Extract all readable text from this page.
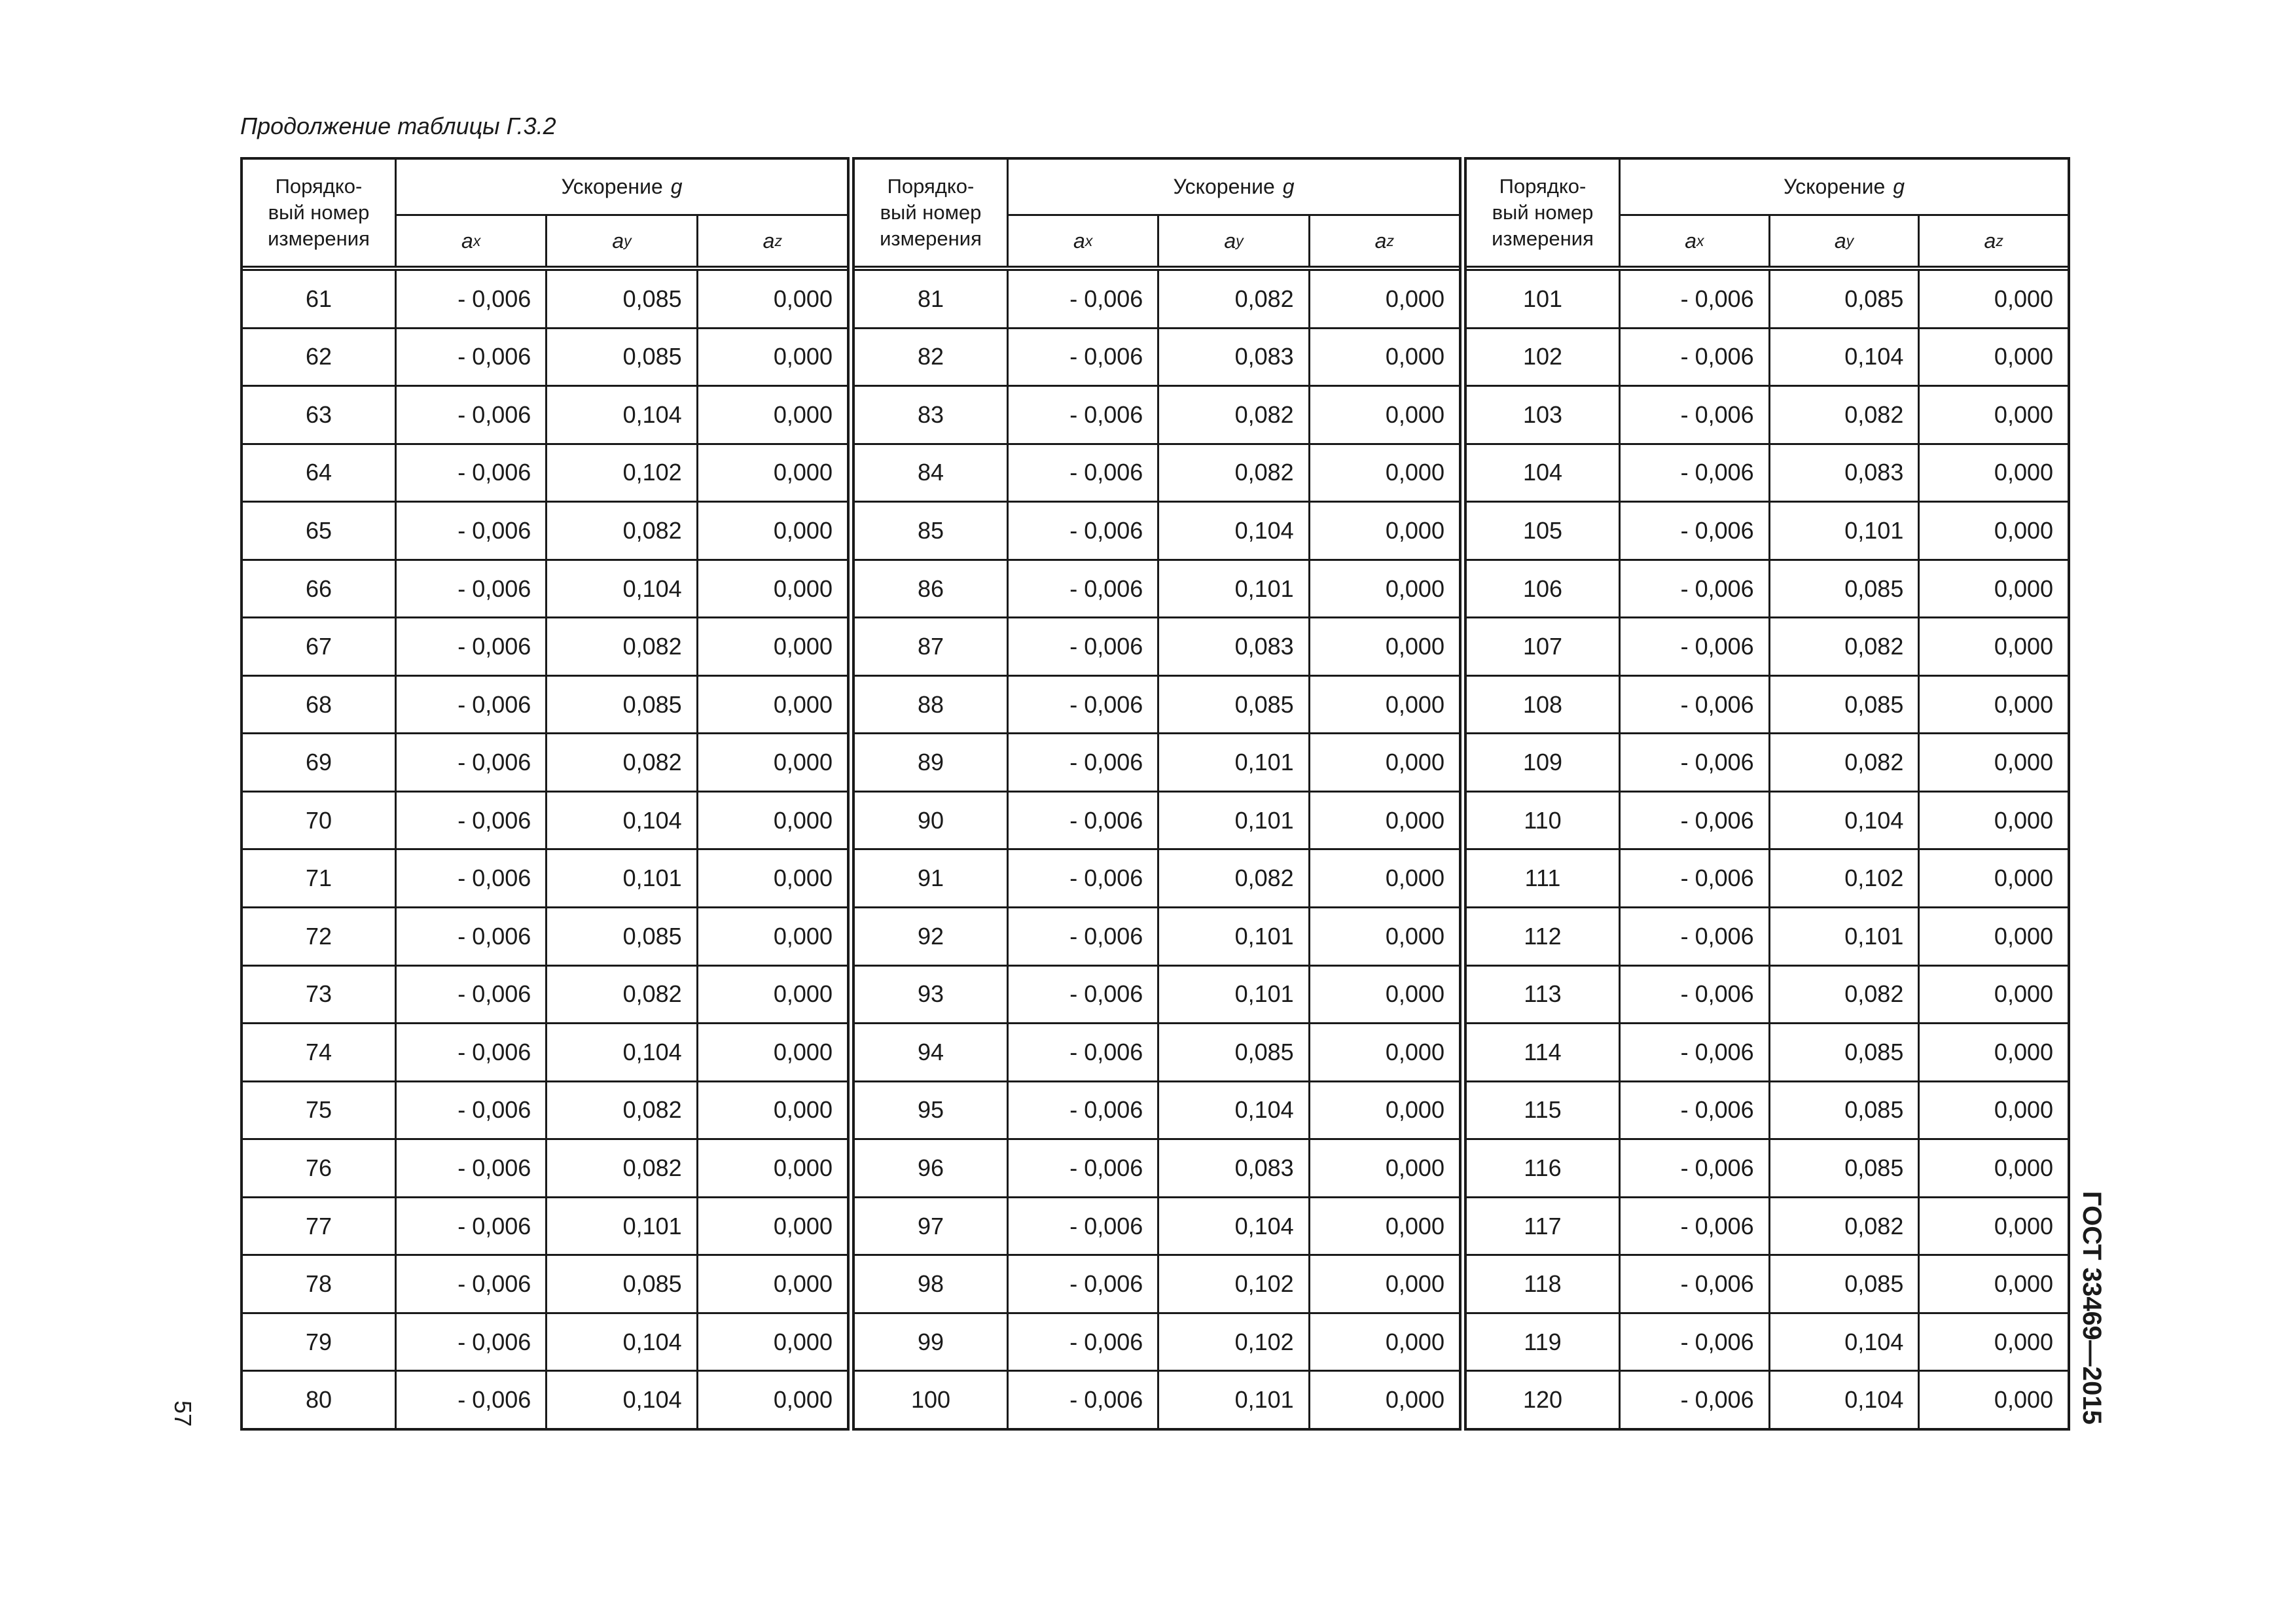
Продолжение таблицы Г.3.2
Порядко-
вый номер
измерения
Ускорение g
a x	a y	a z
61	- 0,006	0,085	0,000
62	- 0,006	0,085	0,000
63	- 0,006	0,104	0,000
64	- 0,006	0,102	0,000
65	- 0,006	0,082	0,000
66	- 0,006	0,104	0,000
67	- 0,006	0,082	0,000
68	- 0,006	0,085	0,000
69	- 0,006	0,082	0,000
70	- 0,006	0,104	0,000
71	- 0,006	0,101	0,000
72	- 0,006	0,085	0,000
73	- 0,006	0,082	0,000
74	- 0,006	0,104	0,000
75	- 0,006	0,082	0,000
76	- 0,006	0,082	0,000
77	- 0,006	0,101	0,000
78	- 0,006	0,085	0,000
79	- 0,006	0,104	0,000
80	- 0,006	0,104	0,000
Порядко-
вый номер
измерения
Ускорение g
a x	a y	a z
81	- 0,006	0,082	0,000
82	- 0,006	0,083	0,000
83	- 0,006	0,082	0,000
84	- 0,006	0,082	0,000
85	- 0,006	0,104	0,000
86	- 0,006	0,101	0,000
87	- 0,006	0,083	0,000
88	- 0,006	0,085	0,000
89	- 0,006	0,101	0,000
90	- 0,006	0,101	0,000
91	- 0,006	0,082	0,000
92	- 0,006	0,101	0,000
93	- 0,006	0,101	0,000
94	- 0,006	0,085	0,000
95	- 0,006	0,104	0,000
96	- 0,006	0,083	0,000
97	- 0,006	0,104	0,000
98	- 0,006	0,102	0,000
99	- 0,006	0,102	0,000
100	- 0,006	0,101	0,000
Порядко-
вый номер
измерения
Ускорение g
a x	a y	a z
101	- 0,006	0,085	0,000
102	- 0,006	0,104	0,000
103	- 0,006	0,082	0,000
104	- 0,006	0,083	0,000
105	- 0,006	0,101	0,000
106	- 0,006	0,085	0,000
107	- 0,006	0,082	0,000
108	- 0,006	0,085	0,000
109	- 0,006	0,082	0,000
110	- 0,006	0,104	0,000
111	- 0,006	0,102	0,000
112	- 0,006	0,101	0,000
113	- 0,006	0,082	0,000
114	- 0,006	0,085	0,000
115	- 0,006	0,085	0,000
116	- 0,006	0,085	0,000
117	- 0,006	0,082	0,000
118	- 0,006	0,085	0,000
119	- 0,006	0,104	0,000
120	- 0,006	0,104	0,000 ГОСТ 33469—2015
57
